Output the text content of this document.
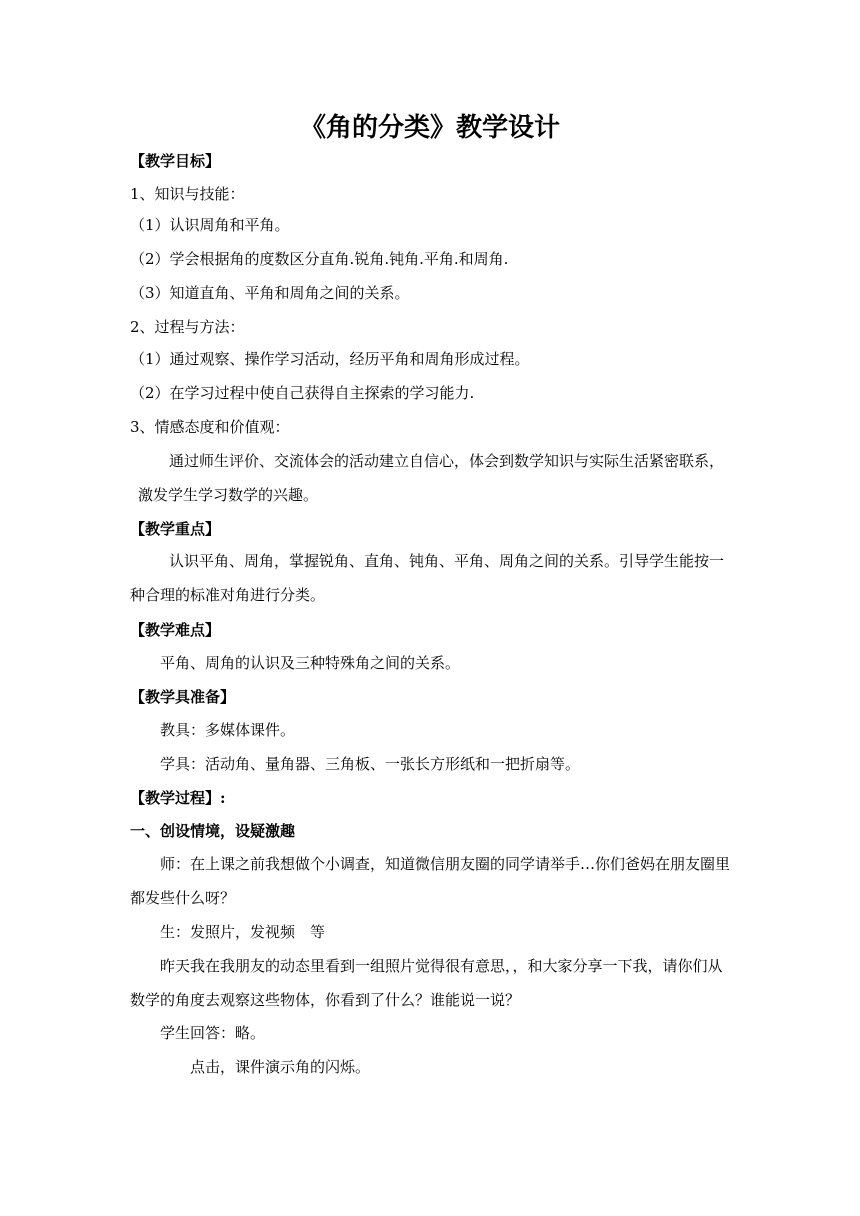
《角的分类》教学设计
【教学目标】
1、知识与技能：
（1）认识周角和平角。
（2）学会根据角的度数区分直角.锐角.钝角.平角.和周角.
（3）知道直角、平角和周角之间的关系。
2、过程与方法：
（1）通过观察、操作学习活动，经历平角和周角形成过程。
（2）在学习过程中使自己获得自主探索的学习能力.
3、情感态度和价值观：
通过师生评价、交流体会的活动建立自信心，体会到数学知识与实际生活紧密联系，
激发学生学习数学的兴趣。
【教学重点】
认识平角、周角，掌握锐角、直角、钝角、平角、周角之间的关系。引导学生能按一
种合理的标准对角进行分类。
【教学难点】
平角、周角的认识及三种特殊角之间的关系。
【教学具准备】
教具：多媒体课件。
学具：活动角、量角器、三角板、一张长方形纸和一把折扇等。
【教学过程】:
一、创设情境，设疑激趣
师：在上课之前我想做个小调查，知道微信朋友圈的同学请举手…你们爸妈在朋友圈里
都发些什么呀？
生：发照片，发视频　等
昨天我在我朋友的动态里看到一组照片觉得很有意思，，和大家分享一下我，请你们从
数学的角度去观察这些物体，你看到了什么？谁能说一说？
学生回答：略。
点击，课件演示角的闪烁。
